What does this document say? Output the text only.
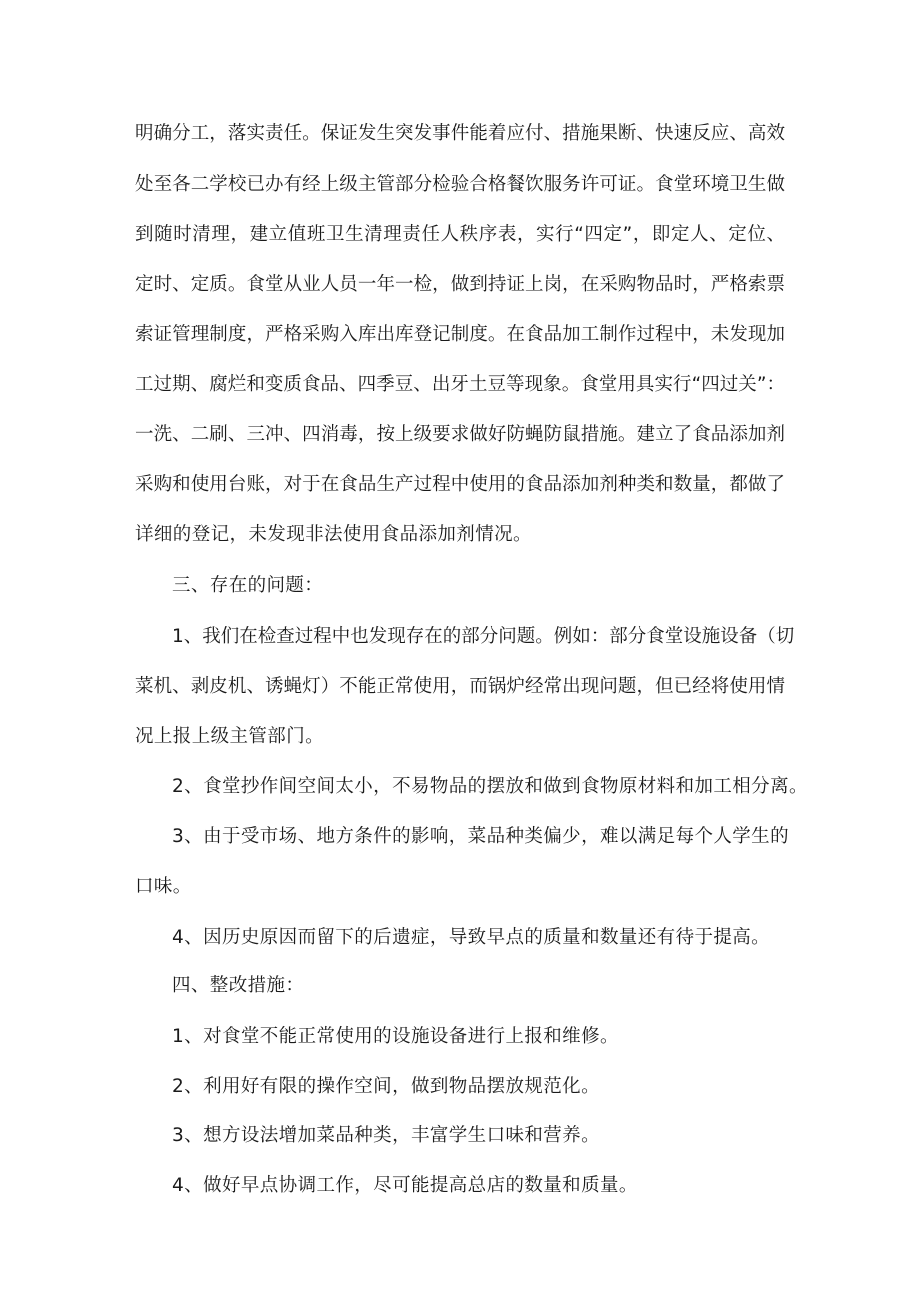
明确分工，落实责任。保证发生突发事件能着应付、措施果断、快速反应、高效
处至各二学校已办有经上级主管部分检验合格餐饮服务许可证。食堂环境卫生做
到随时清理，建立值班卫生清理责任人秩序表，实行“四定”，即定人、定位、
定时、定质。食堂从业人员一年一检，做到持证上岗，在采购物品时，严格索票
索证管理制度，严格采购入库出库登记制度。在食品加工制作过程中，未发现加
工过期、腐烂和变质食品、四季豆、出牙土豆等现象。食堂用具实行“四过关”：
一洗、二刷、三冲、四消毒，按上级要求做好防蝇防鼠措施。建立了食品添加剂
采购和使用台账，对于在食品生产过程中使用的食品添加剂种类和数量，都做了
详细的登记，未发现非法使用食品添加剂情况。
三、存在的问题：
1、我们在检查过程中也发现存在的部分问题。例如：部分食堂设施设备（切
菜机、剥皮机、诱蝇灯）不能正常使用，而锅炉经常出现问题，但已经将使用情
况上报上级主管部门。
2、食堂抄作间空间太小，不易物品的摆放和做到食物原材料和加工相分离。
3、由于受市场、地方条件的影响，菜品种类偏少，难以满足每个人学生的
口味。
4、因历史原因而留下的后遗症，导致早点的质量和数量还有待于提高。
四、整改措施：
1、对食堂不能正常使用的设施设备进行上报和维修。
2、利用好有限的操作空间，做到物品摆放规范化。
3、想方设法增加菜品种类，丰富学生口味和营养。
4、做好早点协调工作，尽可能提高总店的数量和质量。
